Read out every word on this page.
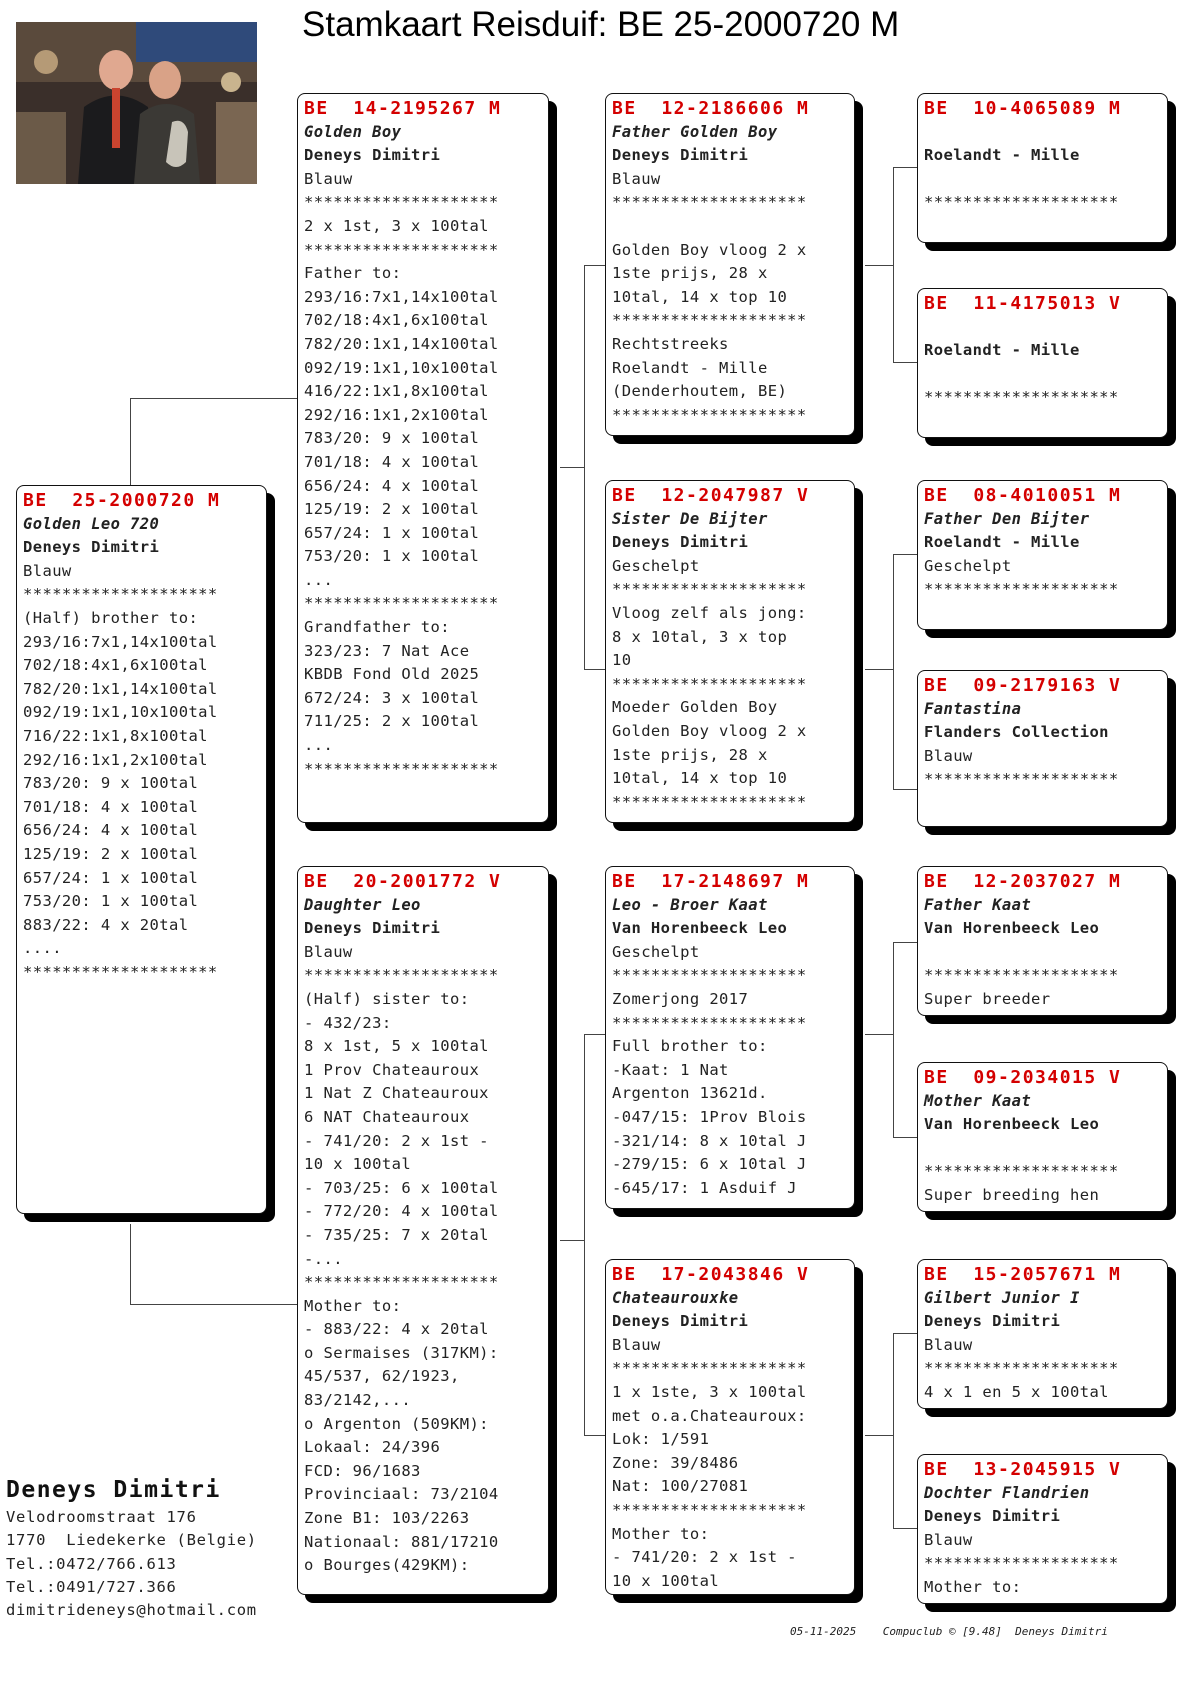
Stamkaart Reisduif: BE 25-2000720 M
BE  25-2000720 M
Golden Leo 720
Deneys Dimitri
Blauw
********************
(Half) brother to:
293/16:7x1,14x100tal
702/18:4x1,6x100tal
782/20:1x1,14x100tal
092/19:1x1,10x100tal
716/22:1x1,8x100tal
292/16:1x1,2x100tal
783/20: 9 x 100tal
701/18: 4 x 100tal
656/24: 4 x 100tal
125/19: 2 x 100tal
657/24: 1 x 100tal
753/20: 1 x 100tal
883/22: 4 x 20tal
....
********************
BE  14-2195267 M
Golden Boy
Deneys Dimitri
Blauw
********************
2 x 1st, 3 x 100tal
********************
Father to:
293/16:7x1,14x100tal
702/18:4x1,6x100tal
782/20:1x1,14x100tal
092/19:1x1,10x100tal
416/22:1x1,8x100tal
292/16:1x1,2x100tal
783/20: 9 x 100tal
701/18: 4 x 100tal
656/24: 4 x 100tal
125/19: 2 x 100tal
657/24: 1 x 100tal
753/20: 1 x 100tal
...
********************
Grandfather to:
323/23: 7 Nat Ace
KBDB Fond Old 2025
672/24: 3 x 100tal
711/25: 2 x 100tal
...
********************
BE  20-2001772 V
Daughter Leo
Deneys Dimitri
Blauw
********************
(Half) sister to:
- 432/23:
8 x 1st, 5 x 100tal
1 Prov Chateauroux
1 Nat Z Chateauroux
6 NAT Chateauroux
- 741/20: 2 x 1st -
10 x 100tal
- 703/25: 6 x 100tal
- 772/20: 4 x 100tal
- 735/25: 7 x 20tal
-...
********************
Mother to:
- 883/22: 4 x 20tal
o Sermaises (317KM):
45/537, 62/1923,
83/2142,...
o Argenton (509KM):
Lokaal: 24/396
FCD: 96/1683
Provinciaal: 73/2104
Zone B1: 103/2263
Nationaal: 881/17210
o Bourges(429KM):
BE  12-2186606 M
Father Golden Boy
Deneys Dimitri
Blauw
********************
Golden Boy vloog 2 x
1ste prijs, 28 x
10tal, 14 x top 10
********************
Rechtstreeks
Roelandt - Mille
(Denderhoutem, BE)
********************
BE  12-2047987 V
Sister De Bijter
Deneys Dimitri
Geschelpt
********************
Vloog zelf als jong:
8 x 10tal, 3 x top
10
********************
Moeder Golden Boy
Golden Boy vloog 2 x
1ste prijs, 28 x
10tal, 14 x top 10
********************
BE  17-2148697 M
Leo - Broer Kaat
Van Horenbeeck Leo
Geschelpt
********************
Zomerjong 2017
********************
Full brother to:
-Kaat: 1 Nat
Argenton 13621d.
-047/15: 1Prov Blois
-321/14: 8 x 10tal J
-279/15: 6 x 10tal J
-645/17: 1 Asduif J
BE  17-2043846 V
Chateaurouxke
Deneys Dimitri
Blauw
********************
1 x 1ste, 3 x 100tal
met o.a.Chateauroux:
Lok: 1/591
Zone: 39/8486
Nat: 100/27081
********************
Mother to:
- 741/20: 2 x 1st -
10 x 100tal
BE  10-4065089 M
Roelandt - Mille
********************
BE  11-4175013 V
Roelandt - Mille
********************
BE  08-4010051 M
Father Den Bijter
Roelandt - Mille
Geschelpt
********************
BE  09-2179163 V
Fantastina
Flanders Collection
Blauw
********************
BE  12-2037027 M
Father Kaat
Van Horenbeeck Leo
********************
Super breeder
BE  09-2034015 V
Mother Kaat
Van Horenbeeck Leo
********************
Super breeding hen
BE  15-2057671 M
Gilbert Junior I
Deneys Dimitri
Blauw
********************
4 x 1 en 5 x 100tal
BE  13-2045915 V
Dochter Flandrien
Deneys Dimitri
Blauw
********************
Mother to:
Deneys Dimitri
Velodroomstraat 176
1770  Liedekerke (Belgie)
Tel.:0472/766.613
Tel.:0491/727.366
dimitrideneys@hotmail.com
05-11-2025    Compuclub © [9.48]  Deneys Dimitri
